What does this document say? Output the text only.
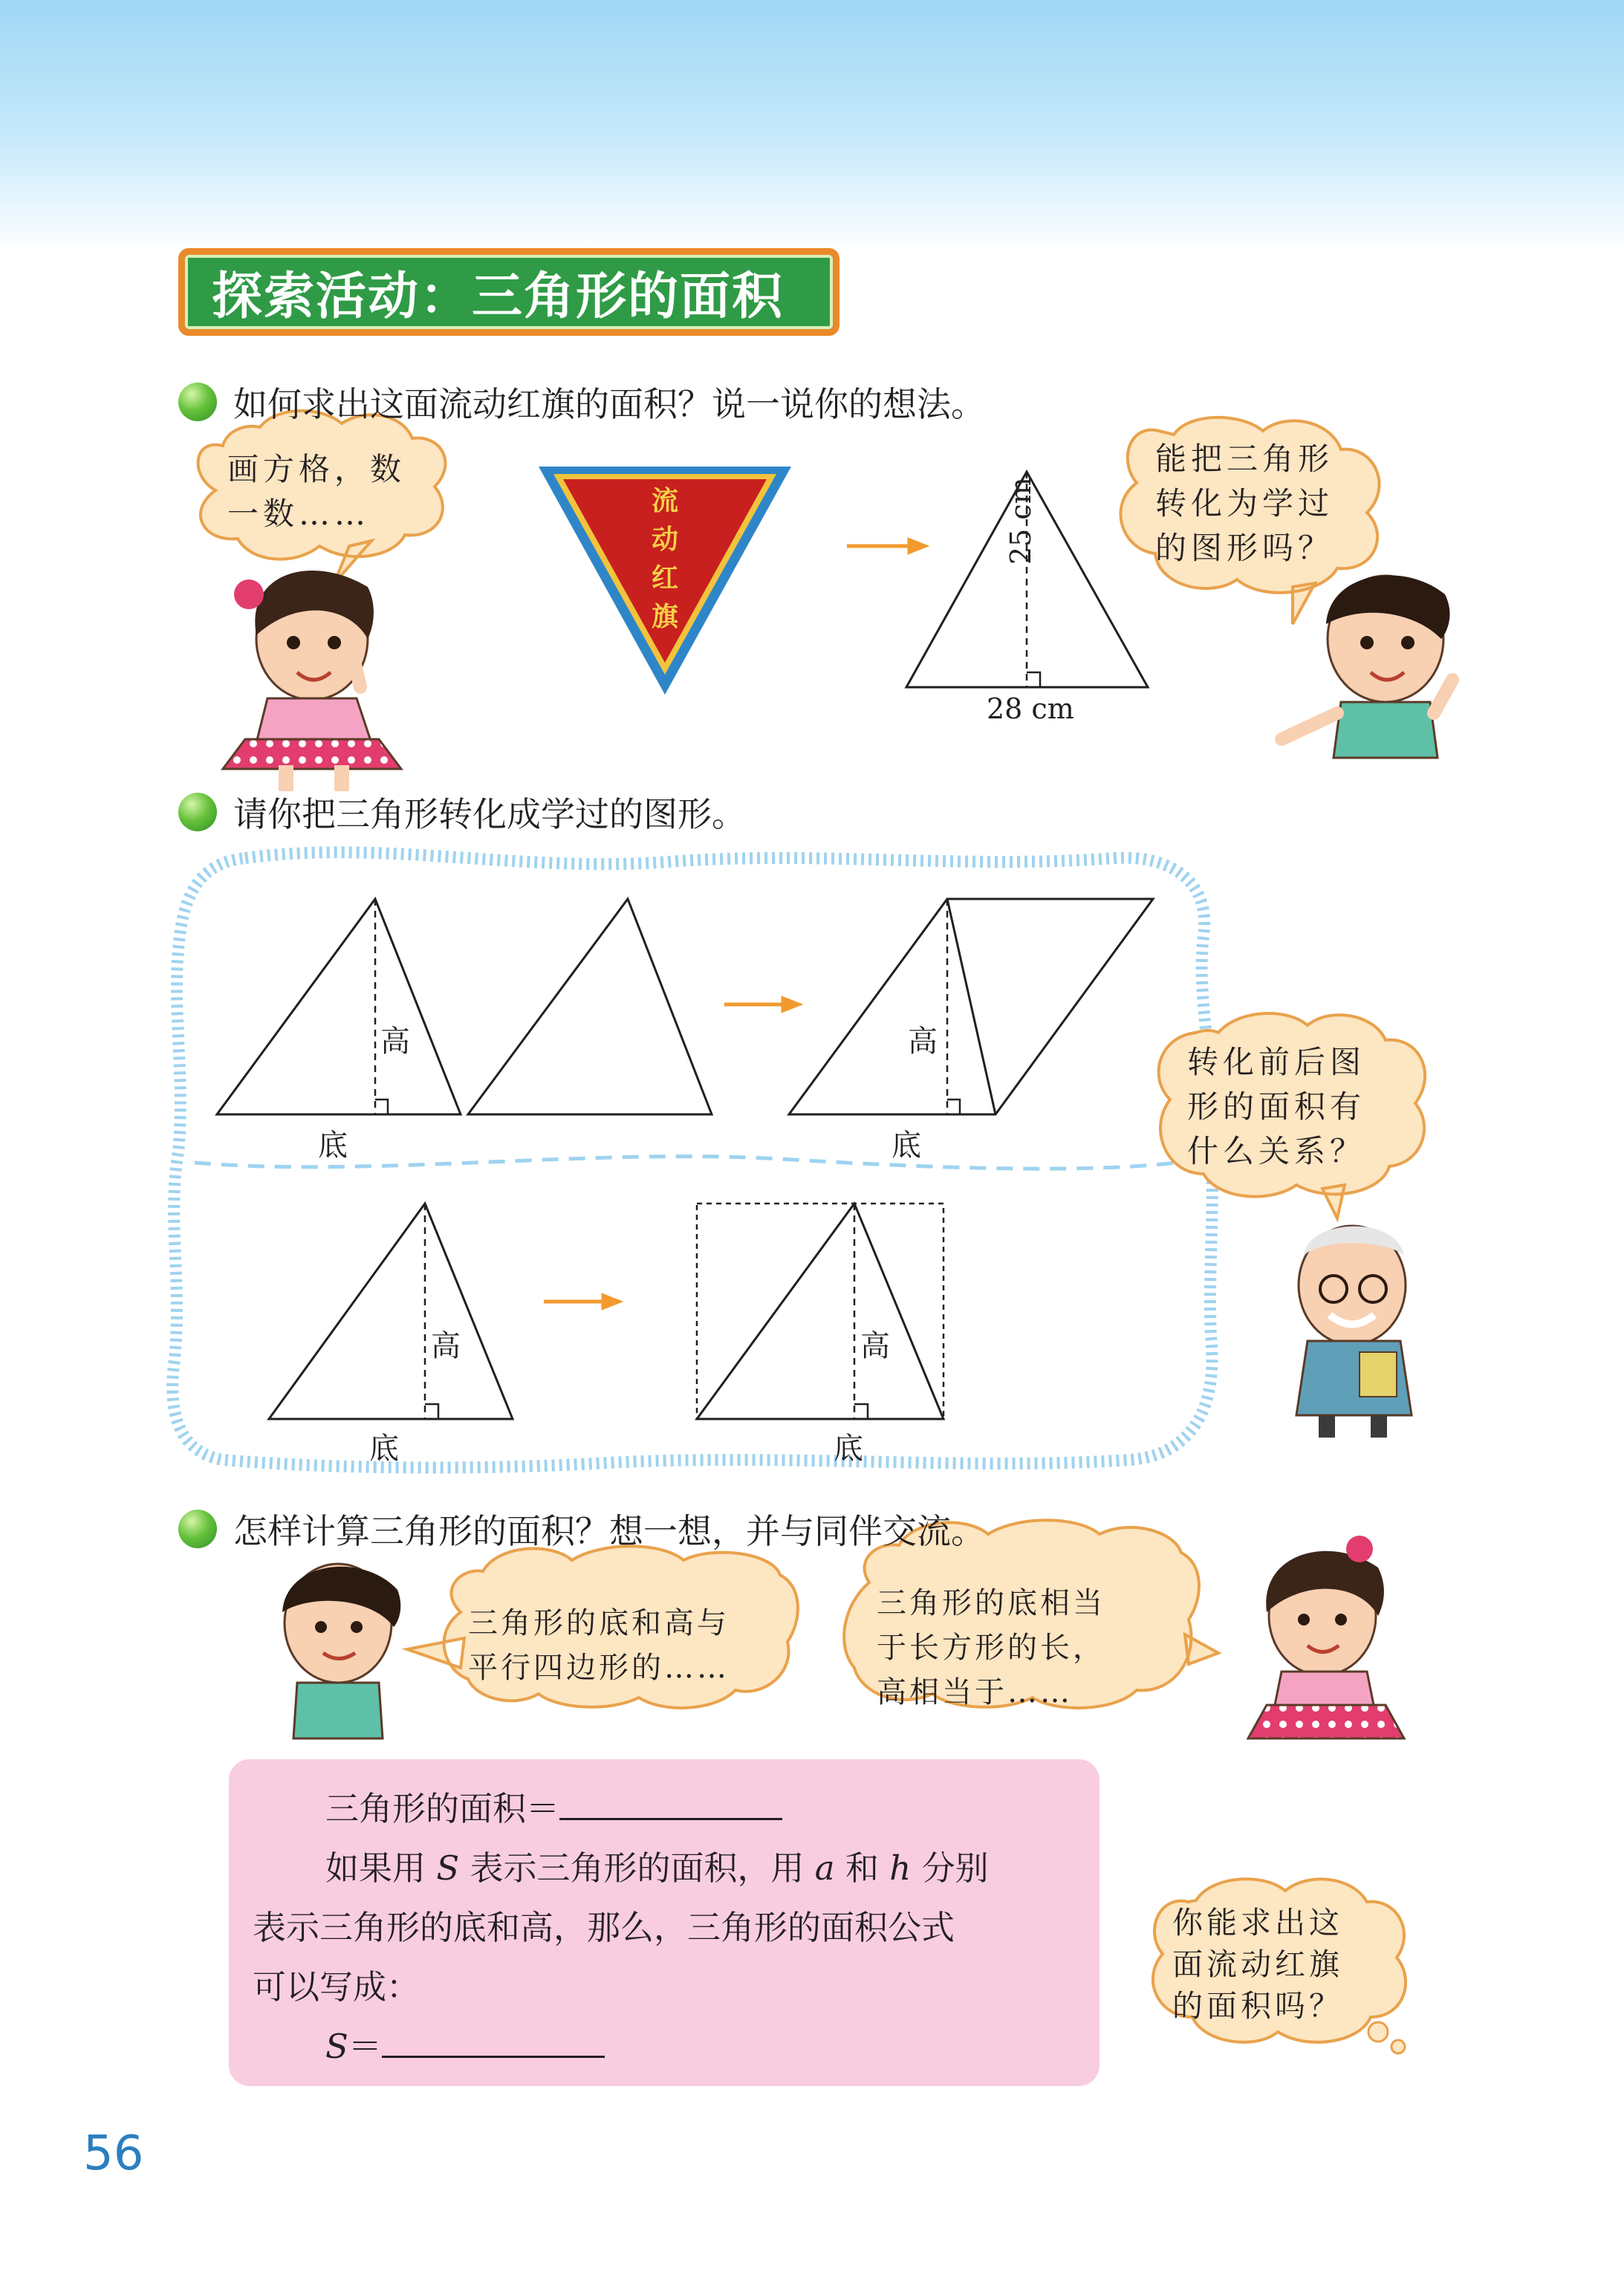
探索活动：三角形的面积
如何求出这面流动红旗的面积？说一说你的想法。
画方格，数
一数……
能把三角形
转化为学过
的图形吗？
流
动
红
旗
25 cm
28 cm
请你把三角形转化成学过的图形。
高
底
高
底
高
底
高
底
转化前后图
形的面积有
什么关系？
怎样计算三角形的面积？想一想，并与同伴交流。
三角形的底和高与
平行四边形的……
三角形的底相当
于长方形的长，
高相当于……
三角形的面积＝
如果用 S 表示三角形的面积，用 a 和 h 分别
表示三角形的底和高，那么，三角形的面积公式
可以写成：
S＝
你能求出这
面流动红旗
的面积吗？
56
